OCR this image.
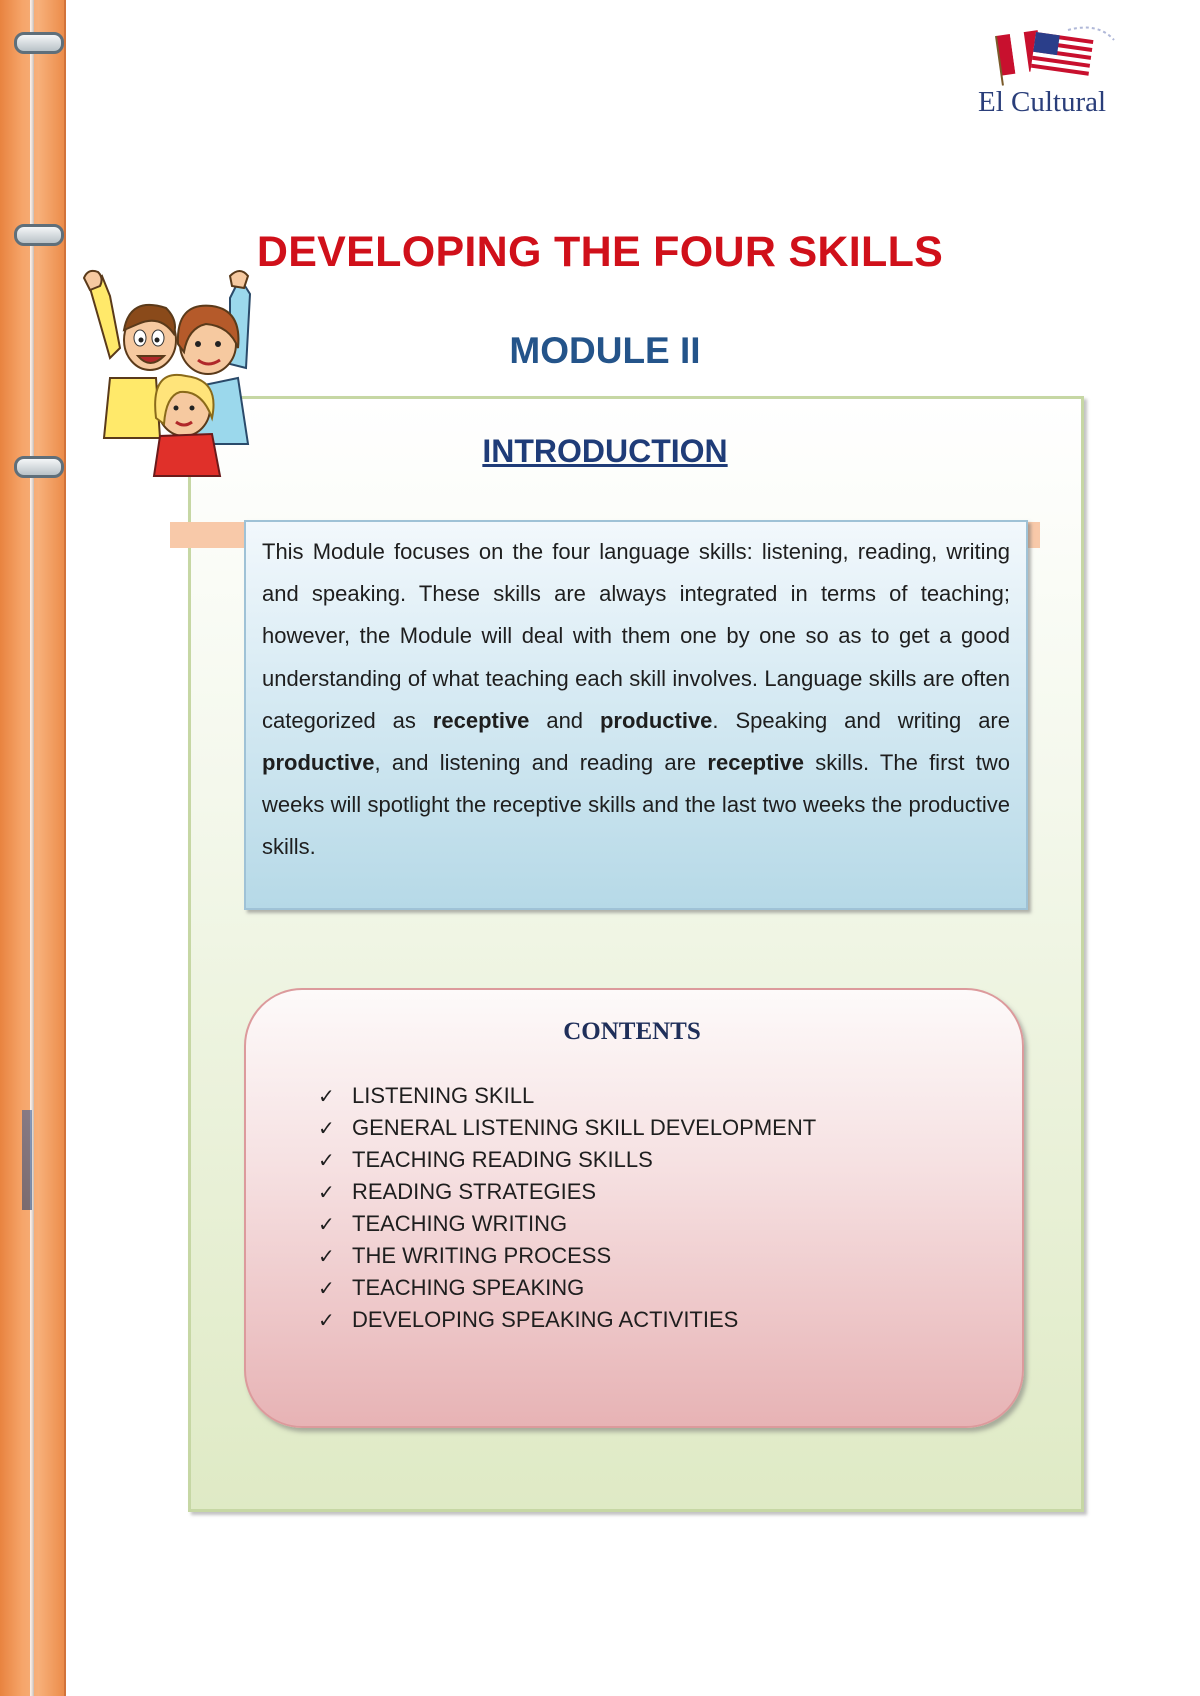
El Cultural
DEVELOPING THE FOUR SKILLS
MODULE II
INTRODUCTION

This Module focuses on the four language skills: listening, reading, writing and speaking. These skills are always integrated in terms of teaching; however, the Module will deal with them one by one so as to get a good understanding of what teaching each skill involves. Language skills are often categorized as receptive and productive. Speaking and writing are productive, and listening and reading are receptive skills. The first two weeks will spotlight the receptive skills and the last two weeks the productive skills.

CONTENTS
✓ LISTENING SKILL
✓ GENERAL LISTENING SKILL DEVELOPMENT
✓ TEACHING READING SKILLS
✓ READING STRATEGIES
✓ TEACHING WRITING
✓ THE WRITING PROCESS
✓ TEACHING SPEAKING
✓ DEVELOPING SPEAKING ACTIVITIES
